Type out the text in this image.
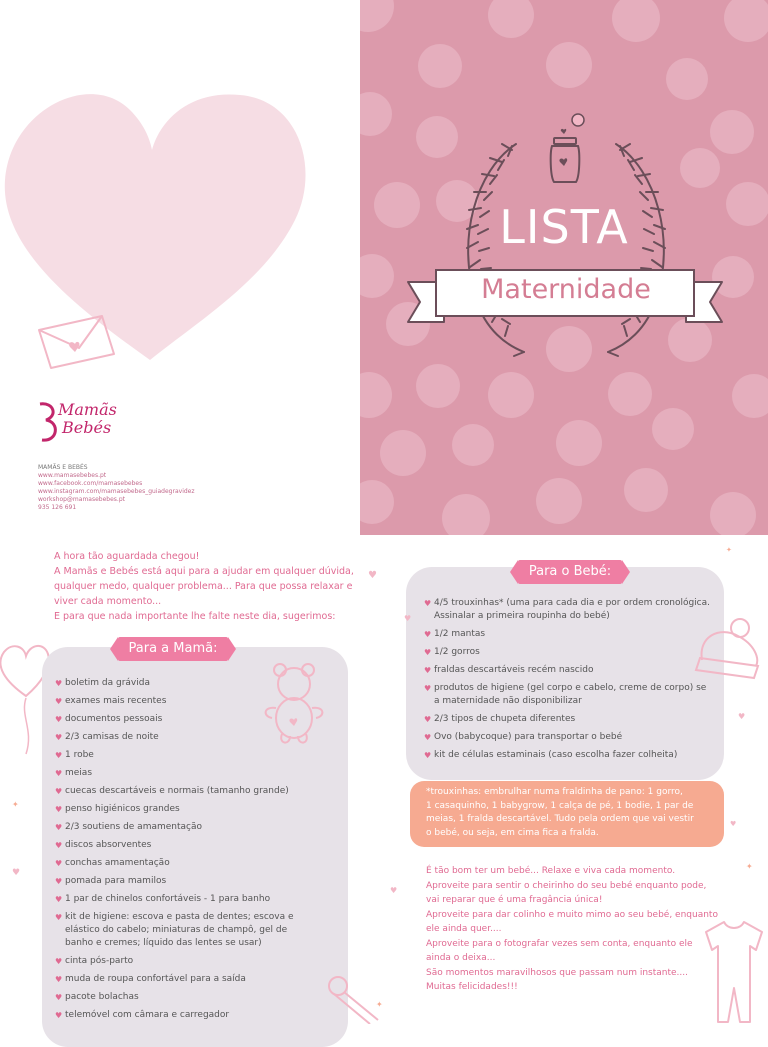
Mamãs
Bebés
MAMÃS E BEBÉS
www.mamasebebes.pt
www.facebook.com/mamasebebes
www.instagram.com/mamasebebes_guiadegravidez
workshop@mamasebebes.pt
935 126 691
LISTA
Maternidade
A hora tão aguardada chegou!
A Mamãs e Bebés está aqui para a ajudar em qualquer dúvida,
qualquer medo, qualquer problema... Para que possa relaxar e
viver cada momento...
E para que nada importante lhe falte neste dia, sugerimos:
Para a Mamã:
♥ boletim da grávida
♥ exames mais recentes
♥ documentos pessoais
♥ 2/3 camisas de noite
♥ 1 robe
♥ meias
♥ cuecas descartáveis e normais (tamanho grande)
♥ penso higiénicos grandes
♥ 2/3 soutiens de amamentação
♥ discos absorventes
♥ conchas amamentação
♥ pomada para mamilos
♥ 1 par de chinelos confortáveis - 1 para banho
♥ kit de higiene: escova e pasta de dentes; escova e elástico do cabelo; miniaturas de champô, gel de banho e cremes; líquido das lentes se usar)
♥ cinta pós-parto
♥ muda de roupa confortável para a saída
♥ pacote bolachas
♥ telemóvel com câmara e carregador
Para o Bebé:
♥ 4/5 trouxinhas* (uma para cada dia e por ordem cronológica. Assinalar a primeira roupinha do bebé)
♥ 1/2 mantas
♥ 1/2 gorros
♥ fraldas descartáveis recém nascido
♥ produtos de higiene (gel corpo e cabelo, creme de corpo) se a maternidade não disponibilizar
♥ 2/3 tipos de chupeta diferentes
♥ Ovo (babycoque) para transportar o bebé
♥ kit de células estaminais (caso escolha fazer colheita)
*trouxinhas: embrulhar numa fraldinha de pano: 1 gorro,
1 casaquinho, 1 babygrow, 1 calça de pé, 1 bodie, 1 par de
meias, 1 fralda descartável. Tudo pela ordem que vai vestir
o bebé, ou seja, em cima fica a fralda.
É tão bom ter um bebé... Relaxe e viva cada momento.
Aproveite para sentir o cheirinho do seu bebé enquanto pode,
vai reparar que é uma fragância única!
Aproveite para dar colinho e muito mimo ao seu bebé, enquanto
ele ainda quer....
Aproveite para o fotografar vezes sem conta, enquanto ele
ainda o deixa...
São momentos maravilhosos que passam num instante....
Muitas felicidades!!!
♥
♥
♥
♥
✦
✦
✦
✦
♥
♥
